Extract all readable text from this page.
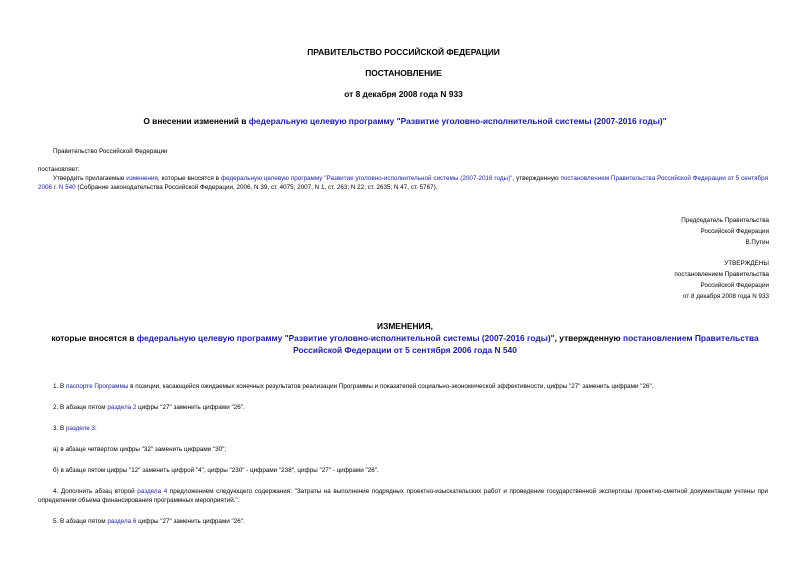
ПРАВИТЕЛЬСТВО РОССИЙСКОЙ ФЕДЕРАЦИИ
ПОСТАНОВЛЕНИЕ
от 8 декабря 2008 года N 933
О внесении изменений в федеральную целевую программу "Развитие уголовно-исполнительной системы (2007-2016 годы)"
Правительство Российской Федерации
постановляет:
Утвердить прилагаемые изменения, которые вносятся в федеральную целевую программу "Развитие уголовно-исполнительной системы (2007-2016 годы)", утвержденную постановлением Правительства Российской Федерации от 5 сентября 2006 г. N 540 (Собрание законодательства Российской Федерации, 2006, N 39, ст. 4075; 2007, N 1, ст. 263; N 22, ст. 2635; N 47, ст. 5767).
Председатель Правительства
Российской Федерации
В.Путин
УТВЕРЖДЕНЫ
постановлением Правительства
Российской Федерации
от 8 декабря 2008 года N 933
ИЗМЕНЕНИЯ,
которые вносятся в федеральную целевую программу "Развитие уголовно-исполнительной системы (2007-2016 годы)", утвержденную постановлением Правительства Российской Федерации от 5 сентября 2006 года N 540
1. В паспорте Программы в позиции, касающейся ожидаемых конечных результатов реализации Программы и показателей социально-экономической эффективности, цифры "27" заменить цифрами "26".
2. В абзаце пятом раздела 2 цифры "27" заменить цифрами "26".
3. В разделе 3:
а) в абзаце четвертом цифры "32" заменить цифрами "30";
б) в абзаце пятом цифры "12" заменить цифрой "4", цифры "230" - цифрами "238", цифры "27" - цифрами "26".
4. Дополнить абзац второй раздела 4 предложением следующего содержания: "Затраты на выполнение подрядных проектно-изыскательских работ и проведение государственной экспертизы проектно-сметной документации учтены при определении объема финансирования программных мероприятий.".
5. В абзаце пятом раздела 6 цифры "27" заменить цифрами "26".
